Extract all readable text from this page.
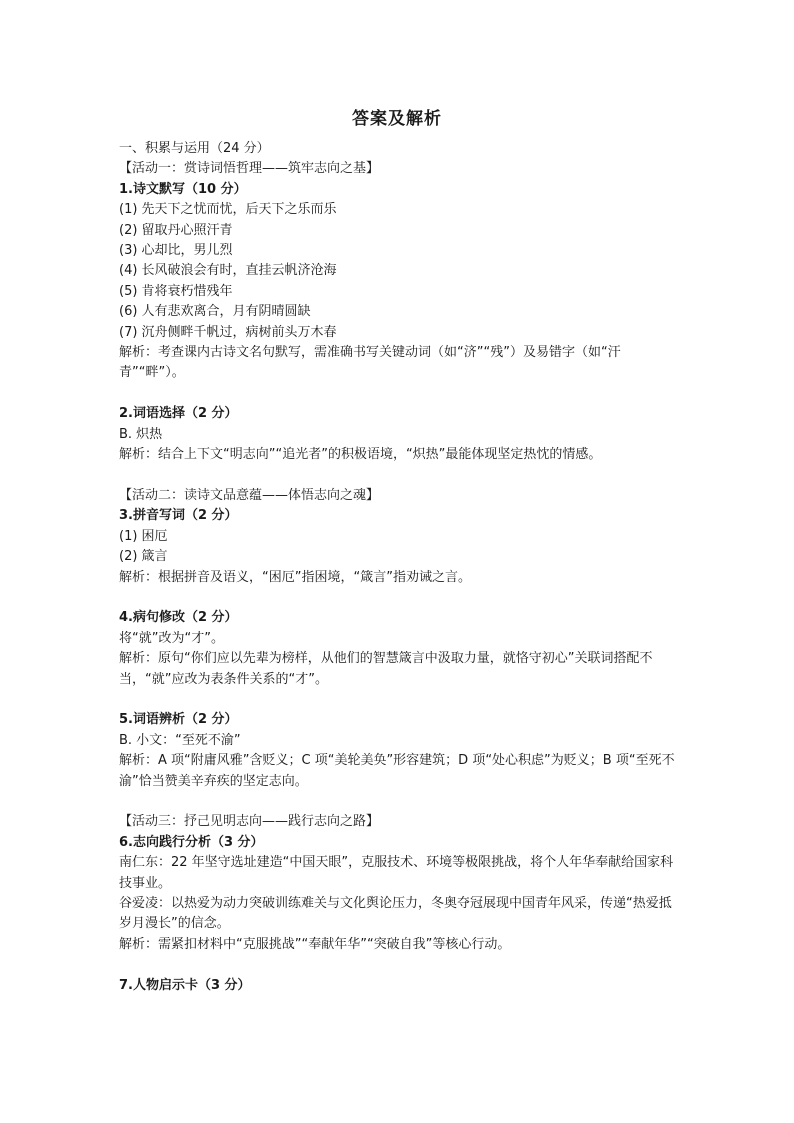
答案及解析

一、积累与运用（24 分）

【活动一：赏诗词悟哲理——筑牢志向之基】

1.诗文默写（10 分）

(1) 先天下之忧而忧，后天下之乐而乐

(2) 留取丹心照汗青

(3) 心却比，男儿烈

(4) 长风破浪会有时，直挂云帆济沧海

(5) 肯将衰朽惜残年

(6) 人有悲欢离合，月有阴晴圆缺

(7) 沉舟侧畔千帆过，病树前头万木春

解析：考查课内古诗文名句默写，需准确书写关键动词（如“济”“残”）及易错字（如“汗青”“畔”）。

2.词语选择（2 分）

B. 炽热

解析：结合上下文“明志向”“追光者”的积极语境，“炽热”最能体现坚定热忱的情感。

【活动二：读诗文品意蕴——体悟志向之魂】

3.拼音写词（2 分）

(1) 困厄

(2) 箴言

解析：根据拼音及语义，“困厄”指困境，“箴言”指劝诫之言。

4.病句修改（2 分）

将“就”改为“才”。

解析：原句“你们应以先辈为榜样，从他们的智慧箴言中汲取力量，就恪守初心”关联词搭配不当，“就”应改为表条件关系的“才”。

5.词语辨析（2 分）

B. 小文：“至死不渝”

解析：A 项“附庸风雅”含贬义；C 项“美轮美奂”形容建筑；D 项“处心积虑”为贬义；B 项“至死不渝”恰当赞美辛弃疾的坚定志向。

【活动三：抒己见明志向——践行志向之路】

6.志向践行分析（3 分）

南仁东：22 年坚守选址建造“中国天眼”，克服技术、环境等极限挑战，将个人年华奉献给国家科技事业。

谷爱凌：以热爱为动力突破训练难关与文化舆论压力，冬奥夺冠展现中国青年风采，传递“热爱抵岁月漫长”的信念。

解析：需紧扣材料中“克服挑战”“奉献年华”“突破自我”等核心行动。

7.人物启示卡（3 分）
